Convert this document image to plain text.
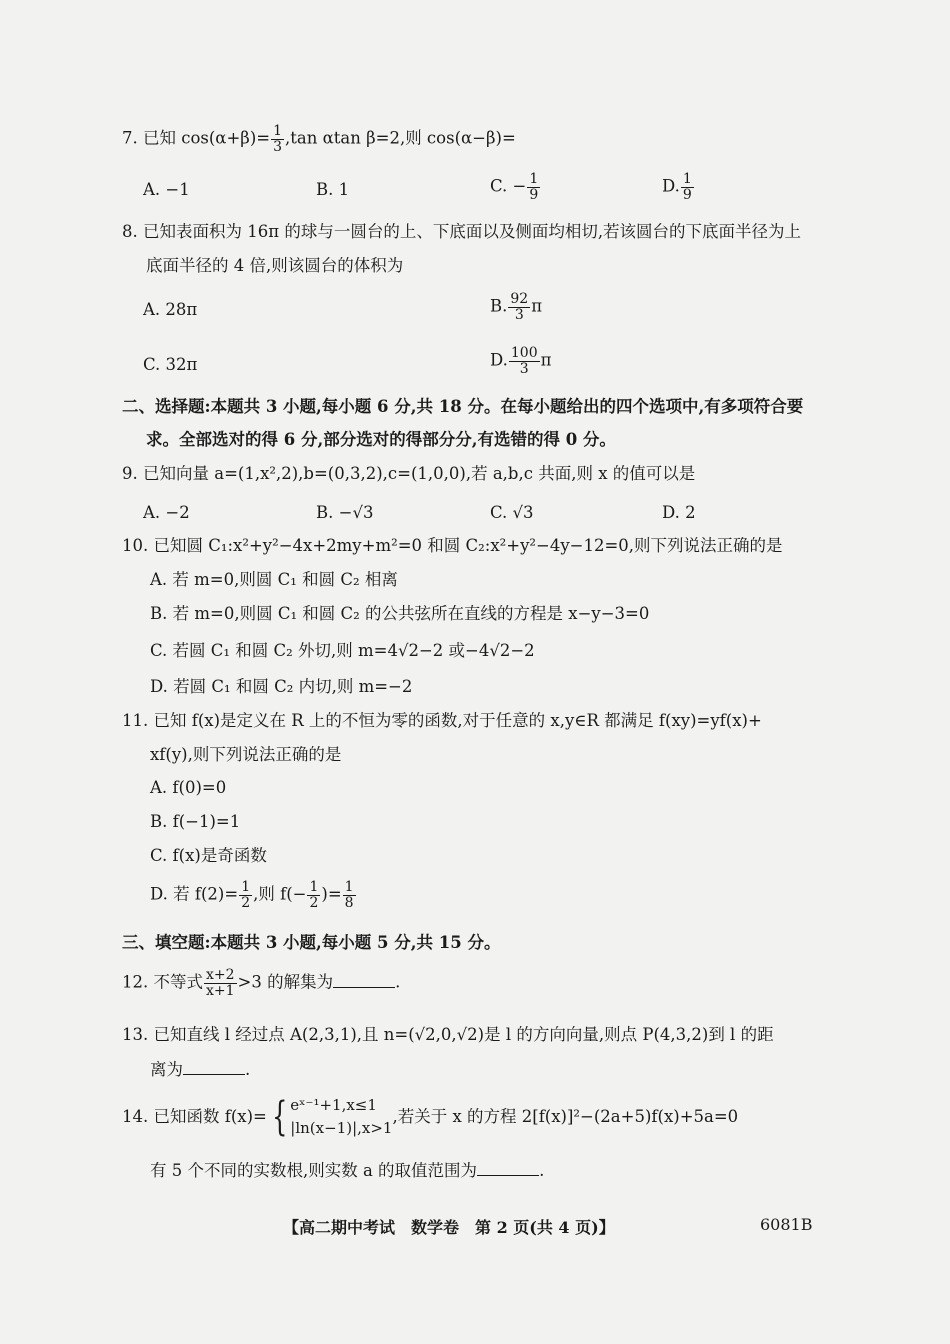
7. 已知 $\cos(\alpha+\beta)= \frac{1}{3} ,\tan$ αtan β=2,则 cos(α−β)=
A. −1	B. 1	C. − $\frac{1}{9}$	D. $\frac{1}{9}$
8. 已知表面积为 16π 的球与一圆台的上、下底面以及侧面均相切,若该圆台的下底面半径为上
底面半径的 4 倍,则该圆台的体积为
A. 28π	B. $\frac{92}{3}$ π
C. 32π	D. $\frac{100}{3}$ π
二、选择题:本题共 3 小题,每小题 6 分,共 18 分。在每小题给出的四个选项中,有多项符合要
求。全部选对的得 6 分,部分选对的得部分分,有选错的得 0 分。
9. 已知向量 a=(1,x²,2),b=(0,3,2),c=(1,0,0),若 a,b,c 共面,则 x 的值可以是
A. −2	B. −√3	C. √3	D. 2
10. 已知圆 C₁:x²+y²−4x+2my+m²=0 和圆 C₂:x²+y²−4y−12=0,则下列说法正确的是
A. 若 m=0,则圆 C₁ 和圆 C₂ 相离
B. 若 m=0,则圆 C₁ 和圆 C₂ 的公共弦所在直线的方程是 x−y−3=0
C. 若圆 C₁ 和圆 C₂ 外切,则 m=4√2−2 或−4√2−2
D. 若圆 C₁ 和圆 C₂ 内切,则 m=−2
11. 已知 f(x)是定义在 R 上的不恒为零的函数,对于任意的 x,y∈R 都满足 f(xy)=yf(x)+
xf(y),则下列说法正确的是
A. f(0)=0
B. f(−1)=1
C. f(x)是奇函数
D. 若 $f(2)= \frac{1}{2}$ ,则 $f(- \frac{1}{2}$ )= $\frac{1}{8}$
三、填空题:本题共 3 小题,每小题 5 分,共 15 分。
12. 不等式 $\frac{x+2}{x+1} >3$ 的解集为	.
13. 已知直线 l 经过点 A(2,3,1),且 n=(√2,0,√2)是 l 的方向向量,则点 P(4,3,2)到 l 的距
离为	.
14. 已知函数 f(x)= { eˣ⁻¹+1,x≤1
|ln(x−1)|,x>1
,若关于 x 的方程 2[f(x)]²−(2a+5)f(x)+5a=0
有 5 个不同的实数根,则实数 a 的取值范围为	.
【高二期中考试　数学卷　第 2 页(共 4 页)】	6081B
